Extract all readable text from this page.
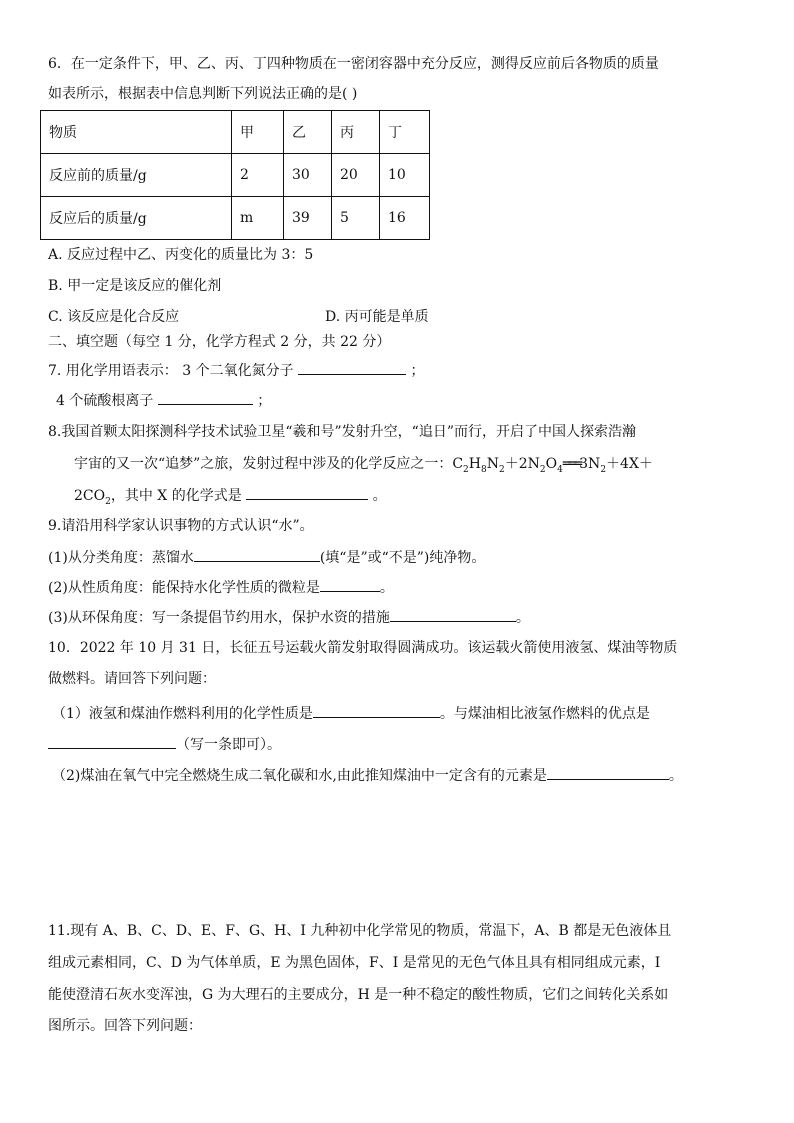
6．在一定条件下，甲、乙、丙、丁四种物质在一密闭容器中充分反应，测得反应前后各物质的质量
如表所示，根据表中信息判断下列说法正确的是( )
物质	甲	乙	丙	丁
反应前的质量/g	2	30	20	10
反应后的质量/g	m	39	5	16
A. 反应过程中乙、丙变化的质量比为 3：5
B. 甲一定是该反应的催化剂
C. 该反应是化合反应	D. 丙可能是单质
二、填空题（每空 1 分，化学方程式 2 分，共 22 分）
7. 用化学用语表示： 3 个二氧化氮分子	；
4 个硫酸根离子	；
8.我国首颗太阳探测科学技术试验卫星“羲和号”发射升空，“追日”而行，开启了中国人探索浩瀚
宇宙的又一次“追梦”之旅，发射过程中涉及的化学反应之一：$C_2H_8N_2+2N_2O_4═══3N_2+4X+$
$2CO_2$，其中 X 的化学式是	。
9.请沿用科学家认识事物的方式认识“水”。
(1)从分类角度：蒸馏水	(填“是”或“不是”)纯净物。
(2)从性质角度：能保持水化学性质的微粒是	。
(3)从环保角度：写一条提倡节约用水，保护水资的措施	。
10．2022 年 10 月 31 日，长征五号运载火箭发射取得圆满成功。该运载火箭使用液氢、煤油等物质
做燃料。请回答下列问题：
（1）液氢和煤油作燃料利用的化学性质是	。与煤油相比液氢作燃料的优点是
（写一条即可）。
（2)煤油在氧气中完全燃烧生成二氧化碳和水,由此推知煤油中一定含有的元素是	。
11.现有 A、B、C、D、E、F、G、H、I 九种初中化学常见的物质，常温下，A、B 都是无色液体且
组成元素相同，C、D 为气体单质，E 为黑色固体，F、I 是常见的无色气体且具有相同组成元素，I
能使澄清石灰水变浑浊，G 为大理石的主要成分，H 是一种不稳定的酸性物质，它们之间转化关系如
图所示。回答下列问题：
